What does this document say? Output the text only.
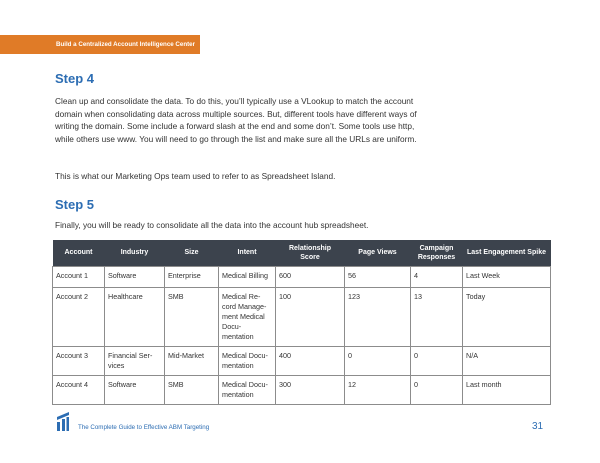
Build a Centralized Account Intelligence Center
Step 4

Clean up and consolidate the data. To do this, you’ll typically use a VLookup to match the account domain when consolidating data across multiple sources. But, different tools have different ways of writing the domain. Some include a forward slash at the end and some don’t. Some tools use http, while others use www. You will need to go through the list and make sure all the URLs are uniform.

This is what our Marketing Ops team used to refer to as Spreadsheet Island.

Step 5

Finally, you will be ready to consolidate all the data into the account hub spreadsheet.

Account	Industry	Size	Intent	Relationship Score	Page Views	Campaign Responses	Last Engagement Spike
Account 1	Software	Enterprise	Medical Billing	600	56	4	Last Week
Account 2	Healthcare	SMB	Medical Re-cord Manage-ment Medical Docu-mentation	100	123	13	Today
Account 3	Financial Ser-vices	Mid-Market	Medical Docu-mentation	400	0	0	N/A
Account 4	Software	SMB	Medical Docu-mentation	300	12	0	Last month
The Complete Guide to Effective ABM Targeting	31
